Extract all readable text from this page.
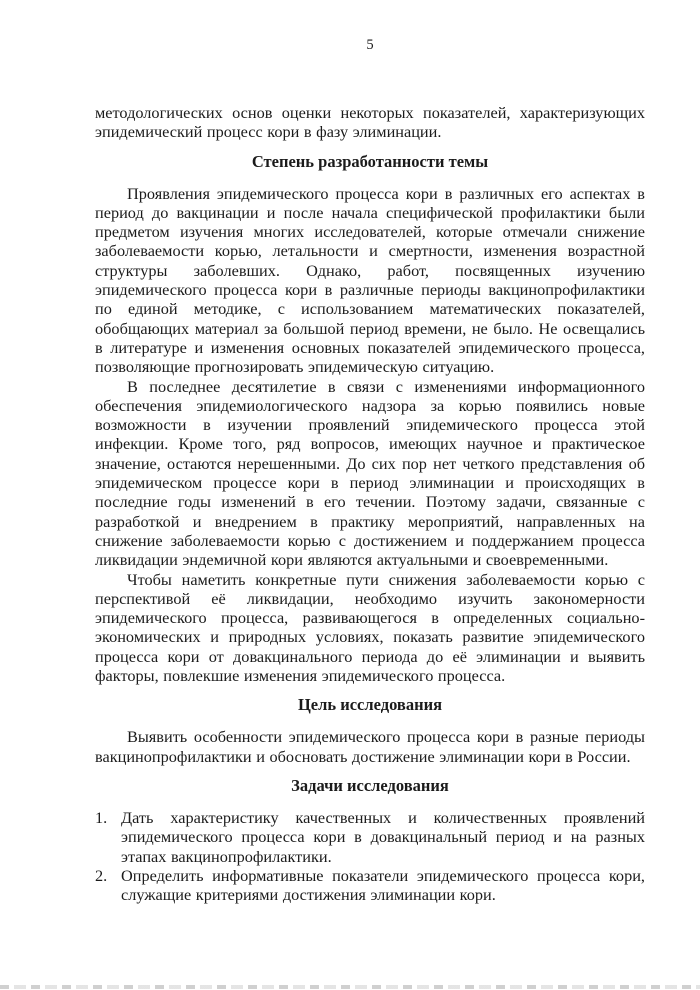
5

методологических основ оценки некоторых показателей, характеризующих эпидемический процесс кори в фазу элиминации.

Степень разработанности темы

Проявления эпидемического процесса кори в различных его аспектах в период до вакцинации и после начала специфической профилактики были предметом изучения многих исследователей, которые отмечали снижение заболеваемости корью, летальности и смертности, изменения возрастной структуры заболевших. Однако, работ, посвященных изучению эпидемического процесса кори в различные периоды вакцинопрофилактики по единой методике, с использованием математических показателей, обобщающих материал за большой период времени, не было. Не освещались в литературе и изменения основных показателей эпидемического процесса, позволяющие прогнозировать эпидемическую ситуацию.

В последнее десятилетие в связи с изменениями информационного обеспечения эпидемиологического надзора за корью появились новые возможности в изучении проявлений эпидемического процесса этой инфекции. Кроме того, ряд вопросов, имеющих научное и практическое значение, остаются нерешенными. До сих пор нет четкого представления об эпидемическом процессе кори в период элиминации и происходящих в последние годы изменений в его течении. Поэтому задачи, связанные с разработкой и внедрением в практику мероприятий, направленных на снижение заболеваемости корью с достижением и поддержанием процесса ликвидации эндемичной кори являются актуальными и своевременными.

Чтобы наметить конкретные пути снижения заболеваемости корью с перспективой её ликвидации, необходимо изучить закономерности эпидемического процесса, развивающегося в определенных социально-экономических и природных условиях, показать развитие эпидемического процесса кори от довакцинального периода до её элиминации и выявить факторы, повлекшие изменения эпидемического процесса.

Цель исследования

Выявить особенности эпидемического процесса кори в разные периоды вакцинопрофилактики и обосновать достижение элиминации кори в России.

Задачи исследования
1. Дать характеристику качественных и количественных проявлений эпидемического процесса кори в довакцинальный период и на разных этапах вакцинопрофилактики.
2. Определить информативные показатели эпидемического процесса кори, служащие критериями достижения элиминации кори.
